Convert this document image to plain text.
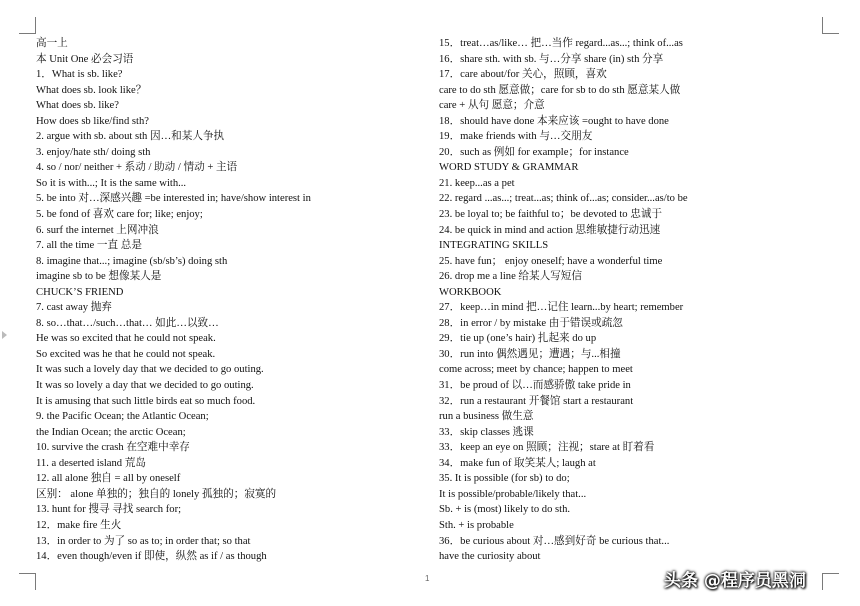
高一上
本 Unit One 必会习语
1．What is sb. like?
What does sb. look like？
What does sb. like?
How does sb like/find sth?
2. argue with sb. about sth 因…和某人争执
3. enjoy/hate sth/ doing sth
4. so / nor/ neither + 系动 / 助动 / 情动 + 主语
So it is with...; It is the same with...
5. be into 对…深感兴趣 =be interested in; have/show interest in
5. be fond of 喜欢 care for; like; enjoy;
6. surf the internet 上网冲浪
7. all the time 一直 总是
8. imagine that...; imagine (sb/sb’s) doing sth
imagine sb to be 想像某人是
CHUCK’S FRIEND
7. cast away 抛弃
8. so…that…/such…that… 如此…以致…
He was so excited that he could not speak.
So excited was he that he could not speak.
It was such a lovely day that we decided to go outing.
It was so lovely a day that we decided to go outing.
It is amusing that such little birds eat so much food.
9. the Pacific Ocean; the Atlantic Ocean;
the Indian Ocean; the arctic Ocean;
10. survive the crash 在空难中幸存
11. a deserted island 荒岛
12. all alone 独自 = all by oneself
区别： alone 单独的；独自的 lonely 孤独的；寂寞的
13. hunt for 搜寻 寻找 search for;
12．make fire 生火
13．in order to 为了 so as to; in order that; so that
14．even though/even if 即使，纵然 as if / as though
15．treat…as/like… 把…当作 regard...as...; think of...as
16．share sth. with sb. 与…分享 share (in) sth 分享
17．care about/for 关心，照顾，喜欢
care to do sth 愿意做；care for sb to do sth 愿意某人做
care + 从句 愿意；介意
18．should have done 本来应该 =ought to have done
19．make friends with 与…交朋友
20．such as 例如 for example；for instance
WORD STUDY & GRAMMAR
21. keep...as a pet
22. regard ...as...; treat...as; think of...as; consider...as/to be
23. be loyal to; be faithful to；be devoted to 忠诚于
24. be quick in mind and action 思维敏捷行动迅速
INTEGRATING SKILLS
25. have fun； enjoy oneself; have a wonderful time
26. drop me a line 给某人写短信
WORKBOOK
27．keep…in mind 把…记住 learn...by heart; remember
28．in error / by mistake 由于错误或疏忽
29．tie up (one’s hair) 扎起来 do up
30．run into 偶然遇见；遭遇；与...相撞
come across; meet by chance; happen to meet
31．be proud of 以…而感骄傲 take pride in
32．run a restaurant 开餐馆 start a restaurant
run a business 做生意
33．skip classes 逃课
33．keep an eye on 照顾；注视；stare at 盯着看
34．make fun of 取笑某人; laugh at
35. It is possible (for sb) to do;
It is possible/probable/likely that...
Sb. + is (most) likely to do sth.
Sth. + is probable
36．be curious about 对…感到好奇 be curious that...
have the curiosity about
1	头条 @程序员黑洞
